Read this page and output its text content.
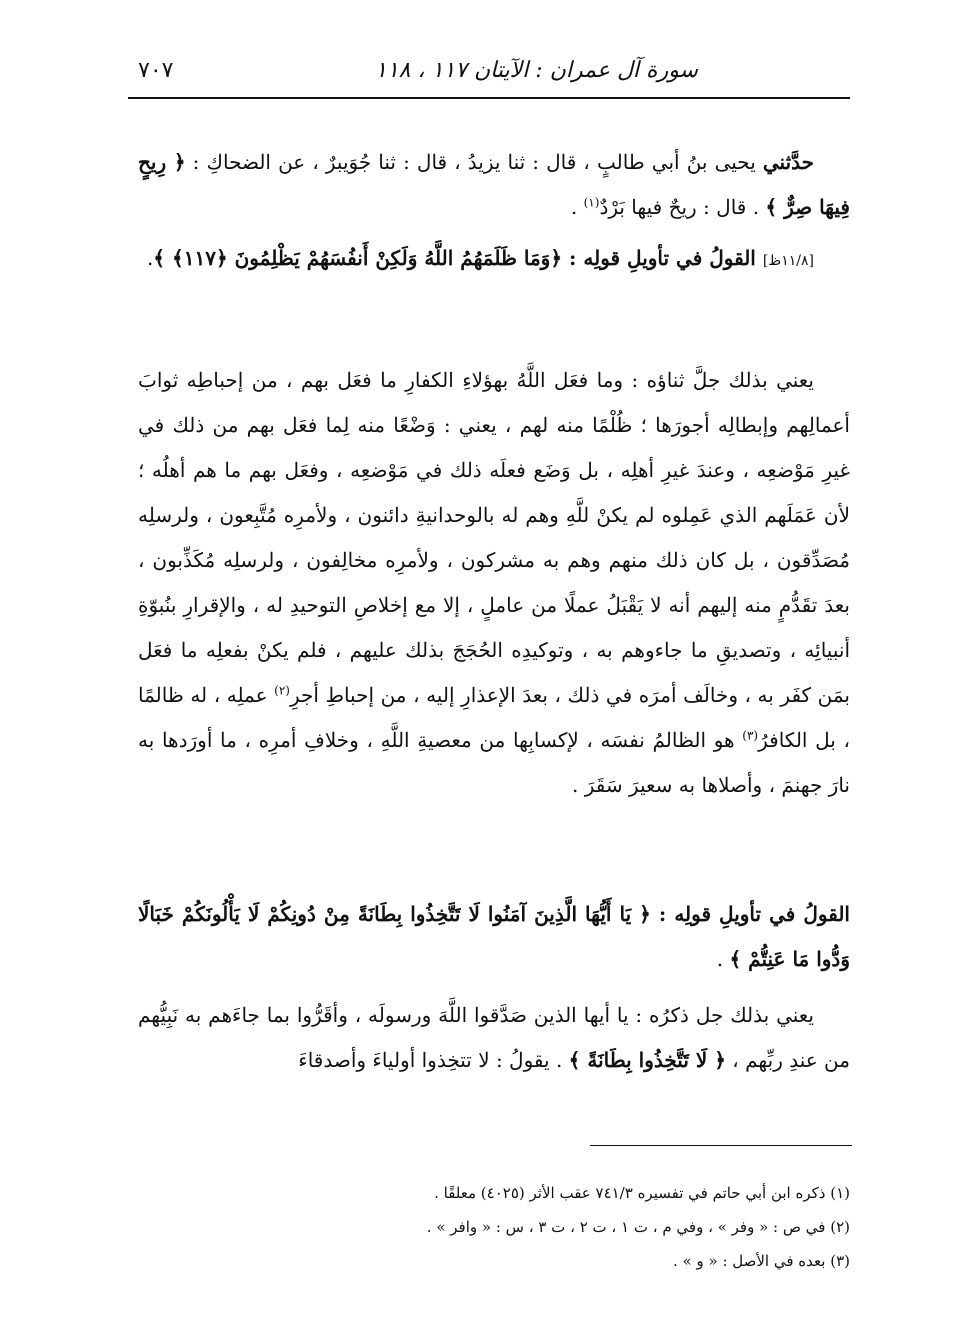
سورة آل عمران : الآيتان ١١٧ ، ١١٨
٧٠٧

حدَّثني يحيى بنُ أبي طالبٍ ، قال : ثنا يزيدُ ، قال : ثنا جُوَيبرٌ ، عن الضحاكِ : ﴿ رِيحٍ فِيهَا صِرٌّ ﴾ . قال : ريحٌ فيها بَرْدٌ$^{(١)}$ .

[١١/٨ظ] القولُ في تأويلِ قولِه : ﴿وَمَا ظَلَمَهُمُ اللَّهُ وَلَكِنْ أَنفُسَهُمْ يَظْلِمُونَ ﴿١١٧﴾ ﴾.

يعني بذلك جلَّ ثناؤه : وما فعَل اللَّهُ بهؤلاءِ الكفارِ ما فعَل بهم ، من إحباطِه ثوابَ أعمالِهم وإبطالِه أجورَها ؛ ظُلْمًا منه لهم ، يعني : وَضْعًا منه لِما فعَل بهم من ذلك في غيرِ مَوْضعِه ، وعندَ غيرِ أهلِه ، بل وَضَع فعلَه ذلك في مَوْضعِه ، وفعَل بهم ما هم أهلُه ؛ لأن عَمَلَهم الذي عَمِلوه لم يكنْ للَّهِ وهم له بالوحدانيةِ دائنون ، ولأمرِه مُتَّبِعون ، ولرسلِه مُصَدِّقون ، بل كان ذلك منهم وهم به مشركون ، ولأمرِه مخالِفون ، ولرسلِه مُكَذِّبون ، بعدَ تقَدُّمٍ منه إليهم أنه لا يَقْبَلُ عملًا من عاملٍ ، إلا مع إخلاصِ التوحيدِ له ، والإقرارِ بنُبوّةِ أنبيائِه ، وتصديقِ ما جاءوهم به ، وتوكيدِه الحُجَجَ بذلك عليهم ، فلم يكنْ بفعلِه ما فعَل بمَن كفَر به ، وخالَف أمرَه في ذلك ، بعدَ الإعذارِ إليه ، من إحباطِ أجرِ$^{(٢)}$ عملِه ، له ظالمًا ، بل الكافرُ$^{(٣)}$ هو الظالمُ نفسَه ، لإكسابِها من معصيةِ اللَّهِ ، وخلافِ أمرِه ، ما أورَدها به نارَ جهنمَ ، وأصلاها به سعيرَ سَقَرَ .

القولُ في تأويلِ قولِه : ﴿ يَا أَيُّهَا الَّذِينَ آمَنُوا لَا تَتَّخِذُوا بِطَانَةً مِنْ دُونِكُمْ لَا يَأْلُونَكُمْ خَبَالًا وَدُّوا مَا عَنِتُّمْ ﴾ .

يعني بذلك جل ذكرُه : يا أيها الذين صَدَّقوا اللَّهَ ورسولَه ، وأقَرُّوا بما جاءَهم به نَبِيُّهم من عندِ ربِّهم ، ﴿ لَا تَتَّخِذُوا بِطَانَةً ﴾ . يقولُ : لا تتخِذوا أولياءَ وأصدقاءَ

(١) ذكره ابن أبي حاتم في تفسيره ٧٤١/٣ عقب الأثر (٤٠٢٥) معلقًا .

(٢) في ص : « وفر » ، وفي م ، ت ١ ، ت ٢ ، ت ٣ ، س : « وافر » .

(٣) بعده في الأصل : « و » .
